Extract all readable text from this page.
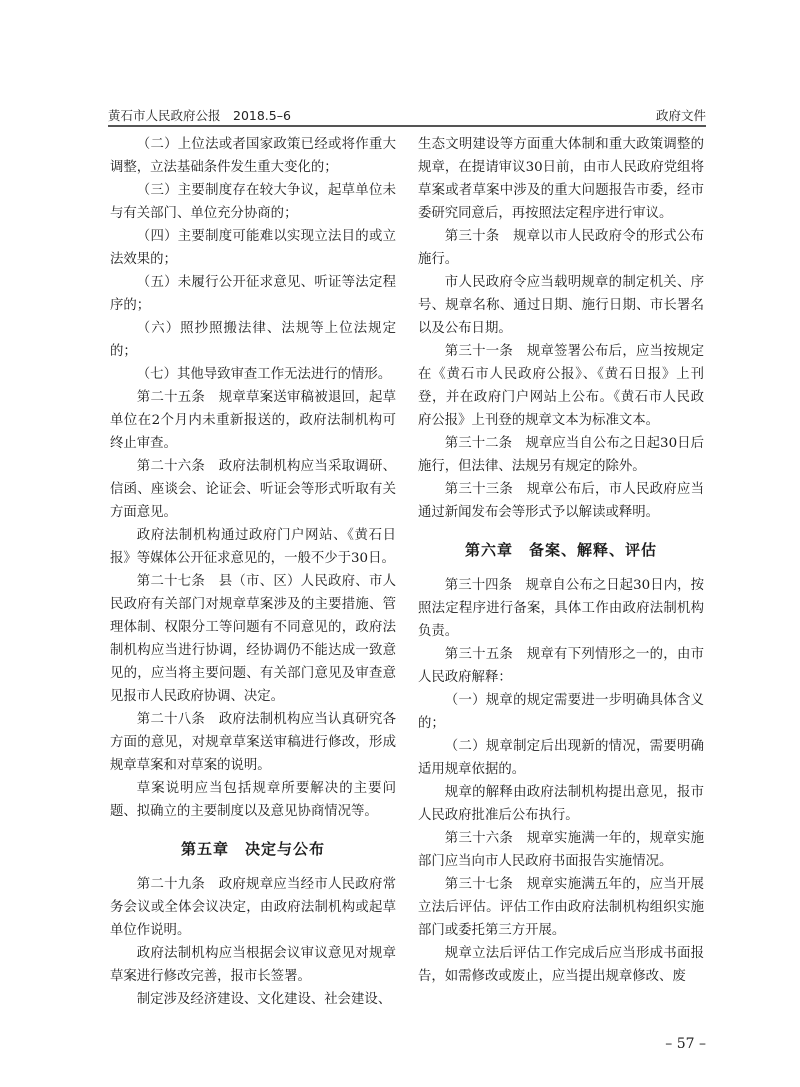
黄石市人民政府公报　2018.5–6	政府文件

（二）上位法或者国家政策已经或将作重大调整，立法基础条件发生重大变化的；

（三）主要制度存在较大争议，起草单位未与有关部门、单位充分协商的；

（四）主要制度可能难以实现立法目的或立法效果的；

（五）未履行公开征求意见、听证等法定程序的；

（六）照抄照搬法律、法规等上位法规定的；

（七）其他导致审查工作无法进行的情形。

第二十五条　规章草案送审稿被退回，起草单位在2个月内未重新报送的，政府法制机构可终止审查。

第二十六条　政府法制机构应当采取调研、信函、座谈会、论证会、听证会等形式听取有关方面意见。

政府法制机构通过政府门户网站、《黄石日报》等媒体公开征求意见的，一般不少于30日。

第二十七条　县（市、区）人民政府、市人民政府有关部门对规章草案涉及的主要措施、管理体制、权限分工等问题有不同意见的，政府法制机构应当进行协调，经协调仍不能达成一致意见的，应当将主要问题、有关部门意见及审查意见报市人民政府协调、决定。

第二十八条　政府法制机构应当认真研究各方面的意见，对规章草案送审稿进行修改，形成规章草案和对草案的说明。

草案说明应当包括规章所要解决的主要问题、拟确立的主要制度以及意见协商情况等。

第五章　决定与公布

第二十九条　政府规章应当经市人民政府常务会议或全体会议决定，由政府法制机构或起草单位作说明。

政府法制机构应当根据会议审议意见对规章草案进行修改完善，报市长签署。

制定涉及经济建设、文化建设、社会建设、

生态文明建设等方面重大体制和重大政策调整的规章，在提请审议30日前，由市人民政府党组将草案或者草案中涉及的重大问题报告市委，经市委研究同意后，再按照法定程序进行审议。

第三十条　规章以市人民政府令的形式公布施行。

市人民政府令应当载明规章的制定机关、序号、规章名称、通过日期、施行日期、市长署名以及公布日期。

第三十一条　规章签署公布后，应当按规定在《黄石市人民政府公报》、《黄石日报》上刊登，并在政府门户网站上公布。《黄石市人民政府公报》上刊登的规章文本为标准文本。

第三十二条　规章应当自公布之日起30日后施行，但法律、法规另有规定的除外。

第三十三条　规章公布后，市人民政府应当通过新闻发布会等形式予以解读或释明。

第六章　备案、解释、评估

第三十四条　规章自公布之日起30日内，按照法定程序进行备案，具体工作由政府法制机构负责。

第三十五条　规章有下列情形之一的，由市人民政府解释：

（一）规章的规定需要进一步明确具体含义的；

（二）规章制定后出现新的情况，需要明确适用规章依据的。

规章的解释由政府法制机构提出意见，报市人民政府批准后公布执行。

第三十六条　规章实施满一年的，规章实施部门应当向市人民政府书面报告实施情况。

第三十七条　规章实施满五年的，应当开展立法后评估。评估工作由政府法制机构组织实施部门或委托第三方开展。

规章立法后评估工作完成后应当形成书面报告，如需修改或废止，应当提出规章修改、废

– 57 –
